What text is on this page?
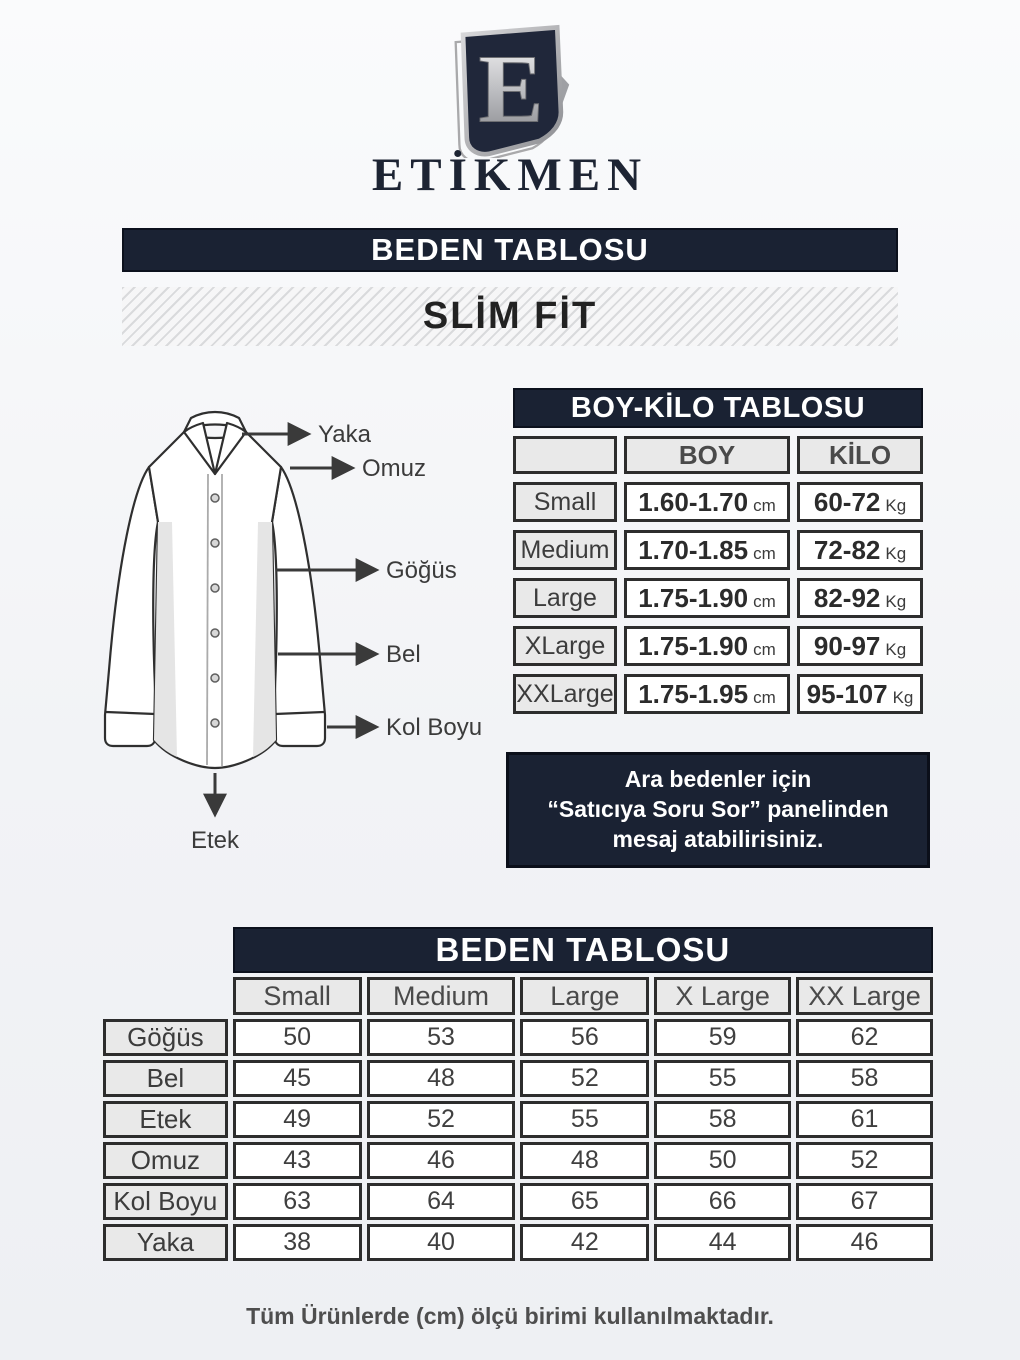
E
ETİKMEN
BEDEN TABLOSU
SLİM FİT
Yaka
Omuz
Göğüs
Bel
Kol Boyu
Etek
BOY-KİLO TABLOSU		
	BOY	KİLO
Small	1.60-1.70 cm	60-72 Kg
Medium	1.70-1.85 cm	72-82 Kg
Large	1.75-1.90 cm	82-92 Kg
XLarge	1.75-1.90 cm	90-97 Kg
XXLarge	1.75-1.95 cm	95-107 Kg
Ara bedenler için
“Satıcıya Soru Sor” panelinden
mesaj atabilirisiniz.
	BEDEN TABLOSU				
	Small	Medium	Large	X Large	XX Large
Göğüs	50	53	56	59	62
Bel	45	48	52	55	58
Etek	49	52	55	58	61
Omuz	43	46	48	50	52
Kol Boyu	63	64	65	66	67
Yaka	38	40	42	44	46
Tüm Ürünlerde (cm) ölçü birimi kullanılmaktadır.
